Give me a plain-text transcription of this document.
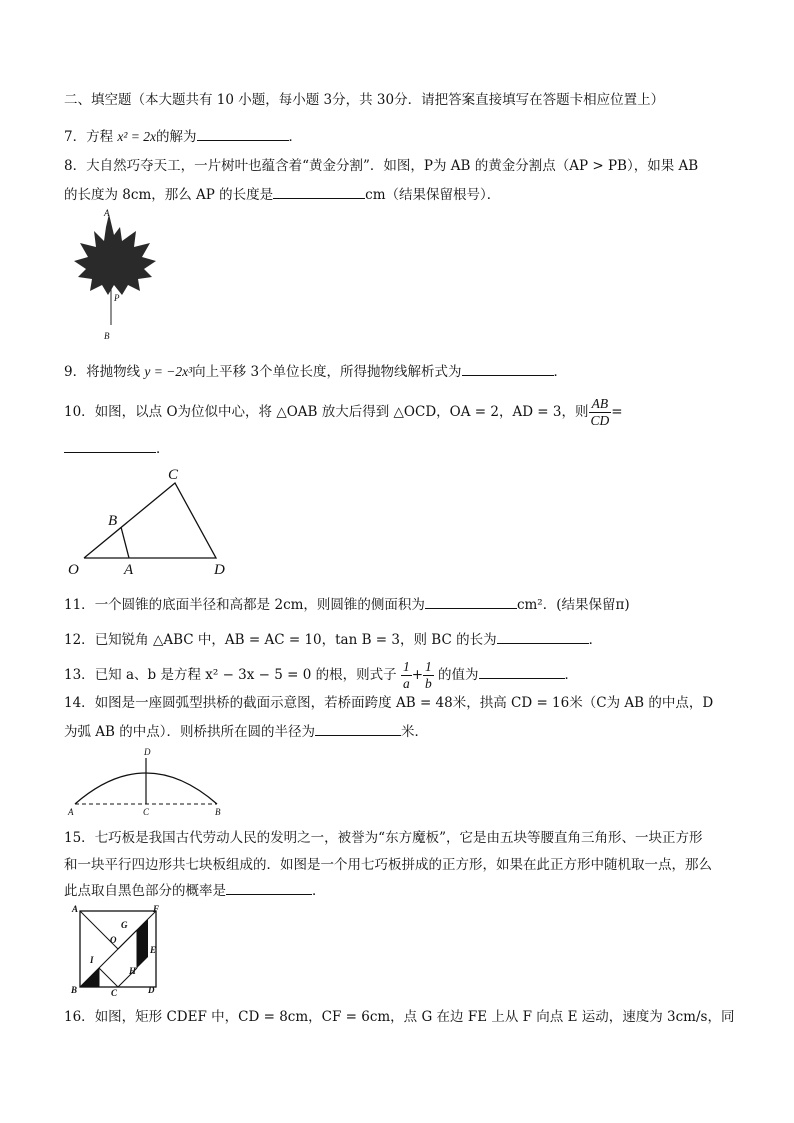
二、填空题（本大题共有 10 小题，每小题 3分，共 30分．请把答案直接填写在答题卡相应位置上）
7．方程 x² = 2x的解为	．
8．大自然巧夺天工，一片树叶也蕴含着“黄金分割”．如图，P为 AB 的黄金分割点（AP > PB），如果 AB
的长度为 8cm，那么 AP 的长度是	cm（结果保留根号）．
A
P
B
9．将抛物线 y = −2x³向上平移 3个单位长度，所得抛物线解析式为	．
10．如图，以点 O为位似中心，将 △OAB 放大后得到 △OCD，OA = 2，AD = 3，则 $\frac{AB}{CD}$ =
．
O	A
B
C
D
11．一个圆锥的底面半径和高都是 2cm，则圆锥的侧面积为	cm²．(结果保留π)
12．已知锐角 △ABC 中，AB = AC = 10，tan B = 3，则 BC 的长为	．
13．已知 a、b 是方程 x² − 3x − 5 = 0 的根，则式子 $\frac{1}{a} + \frac{1}{b}$ 的值为	．
14．如图是一座圆弧型拱桥的截面示意图，若桥面跨度 AB = 48米，拱高 CD = 16米（C为 AB 的中点，D
为弧 AB 的中点）．则桥拱所在圆的半径为	米．
A	B
C
D
15．七巧板是我国古代劳动人民的发明之一，被誉为“东方魔板”，它是由五块等腰直角三角形、一块正方形
和一块平行四边形共七块板组成的．如图是一个用七巧板拼成的正方形，如果在此正方形中随机取一点，那么
此点取自黑色部分的概率是	．
A	F
G
O
E
I
H
B	C	D
16．如图，矩形 CDEF 中，CD = 8cm，CF = 6cm，点 G 在边 FE 上从 F 向点 E 运动，速度为 3cm/s，同
